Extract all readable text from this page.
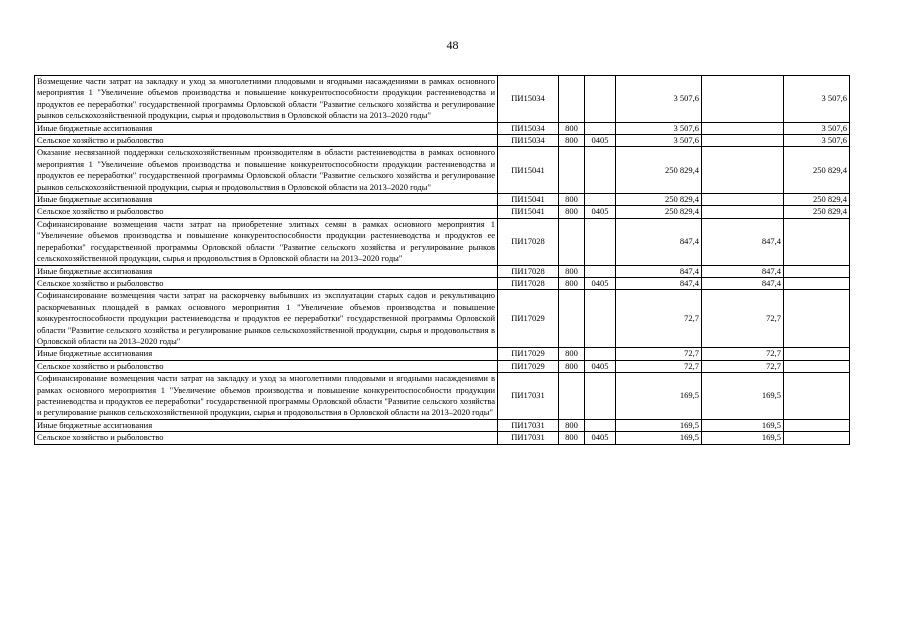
48
Возмещение части затрат на закладку и уход за многолетними плодовыми и ягодными насаждениями в рамках основного мероприятия 1 "Увеличение объемов производства и повышение конкурентоспособности продукции растениеводства и продуктов ее переработки" государственной программы Орловской области "Развитие сельского хозяйства и регулирование рынков сельскохозяйственной продукции, сырья и продовольствия в Орловской области на 2013–2020 годы"	ПИ15034			3 507,6		3 507,6
Иные бюджетные ассигнования	ПИ15034	800		3 507,6		3 507,6
Сельское хозяйство и рыболовство	ПИ15034	800	0405	3 507,6		3 507,6
Оказание несвязанной поддержки сельскохозяйственным производителям в области растениеводства в рамках основного мероприятия 1 "Увеличение объемов производства и повышение конкурентоспособности продукции растениеводства и продуктов ее переработки" государственной программы Орловской области "Развитие сельского хозяйства и регулирование рынков сельскохозяйственной продукции, сырья и продовольствия в Орловской области на 2013–2020 годы"	ПИ15041			250 829,4		250 829,4
Иные бюджетные ассигнования	ПИ15041	800		250 829,4		250 829,4
Сельское хозяйство и рыболовство	ПИ15041	800	0405	250 829,4		250 829,4
Софинансирование возмещения части затрат на приобретение элитных семян в рамках основного мероприятия 1 "Увеличение объемов производства и повышение конкурентоспособности продукции растениеводства и продуктов ее переработки" государственной программы Орловской области "Развитие сельского хозяйства и регулирование рынков сельскохозяйственной продукции, сырья и продовольствия в Орловской области на 2013–2020 годы"	ПИ17028			847,4	847,4	
Иные бюджетные ассигнования	ПИ17028	800		847,4	847,4	
Сельское хозяйство и рыболовство	ПИ17028	800	0405	847,4	847,4	
Софинансирование возмещения части затрат на раскорчевку выбывших из эксплуатации старых садов и рекультивацию раскорчеванных площадей в рамках основного мероприятия 1 "Увеличение объемов производства и повышение конкурентоспособности продукции растениеводства и продуктов ее переработки" государственной программы Орловской области "Развитие сельского хозяйства и регулирование рынков сельскохозяйственной продукции, сырья и продовольствия в Орловской области на 2013–2020 годы"	ПИ17029			72,7	72,7	
Иные бюджетные ассигнования	ПИ17029	800		72,7	72,7	
Сельское хозяйство и рыболовство	ПИ17029	800	0405	72,7	72,7	
Софинансирование возмещения части затрат на закладку и уход за многолетними плодовыми и ягодными насаждениями в рамках основного мероприятия 1 "Увеличение объемов производства и повышение конкурентоспособности продукции растениеводства и продуктов ее переработки" государственной программы Орловской области "Развитие сельского хозяйства и регулирование рынков сельскохозяйственной продукции, сырья и продовольствия в Орловской области на 2013–2020 годы"	ПИ17031			169,5	169,5	
Иные бюджетные ассигнования	ПИ17031	800		169,5	169,5	
Сельское хозяйство и рыболовство	ПИ17031	800	0405	169,5	169,5	
